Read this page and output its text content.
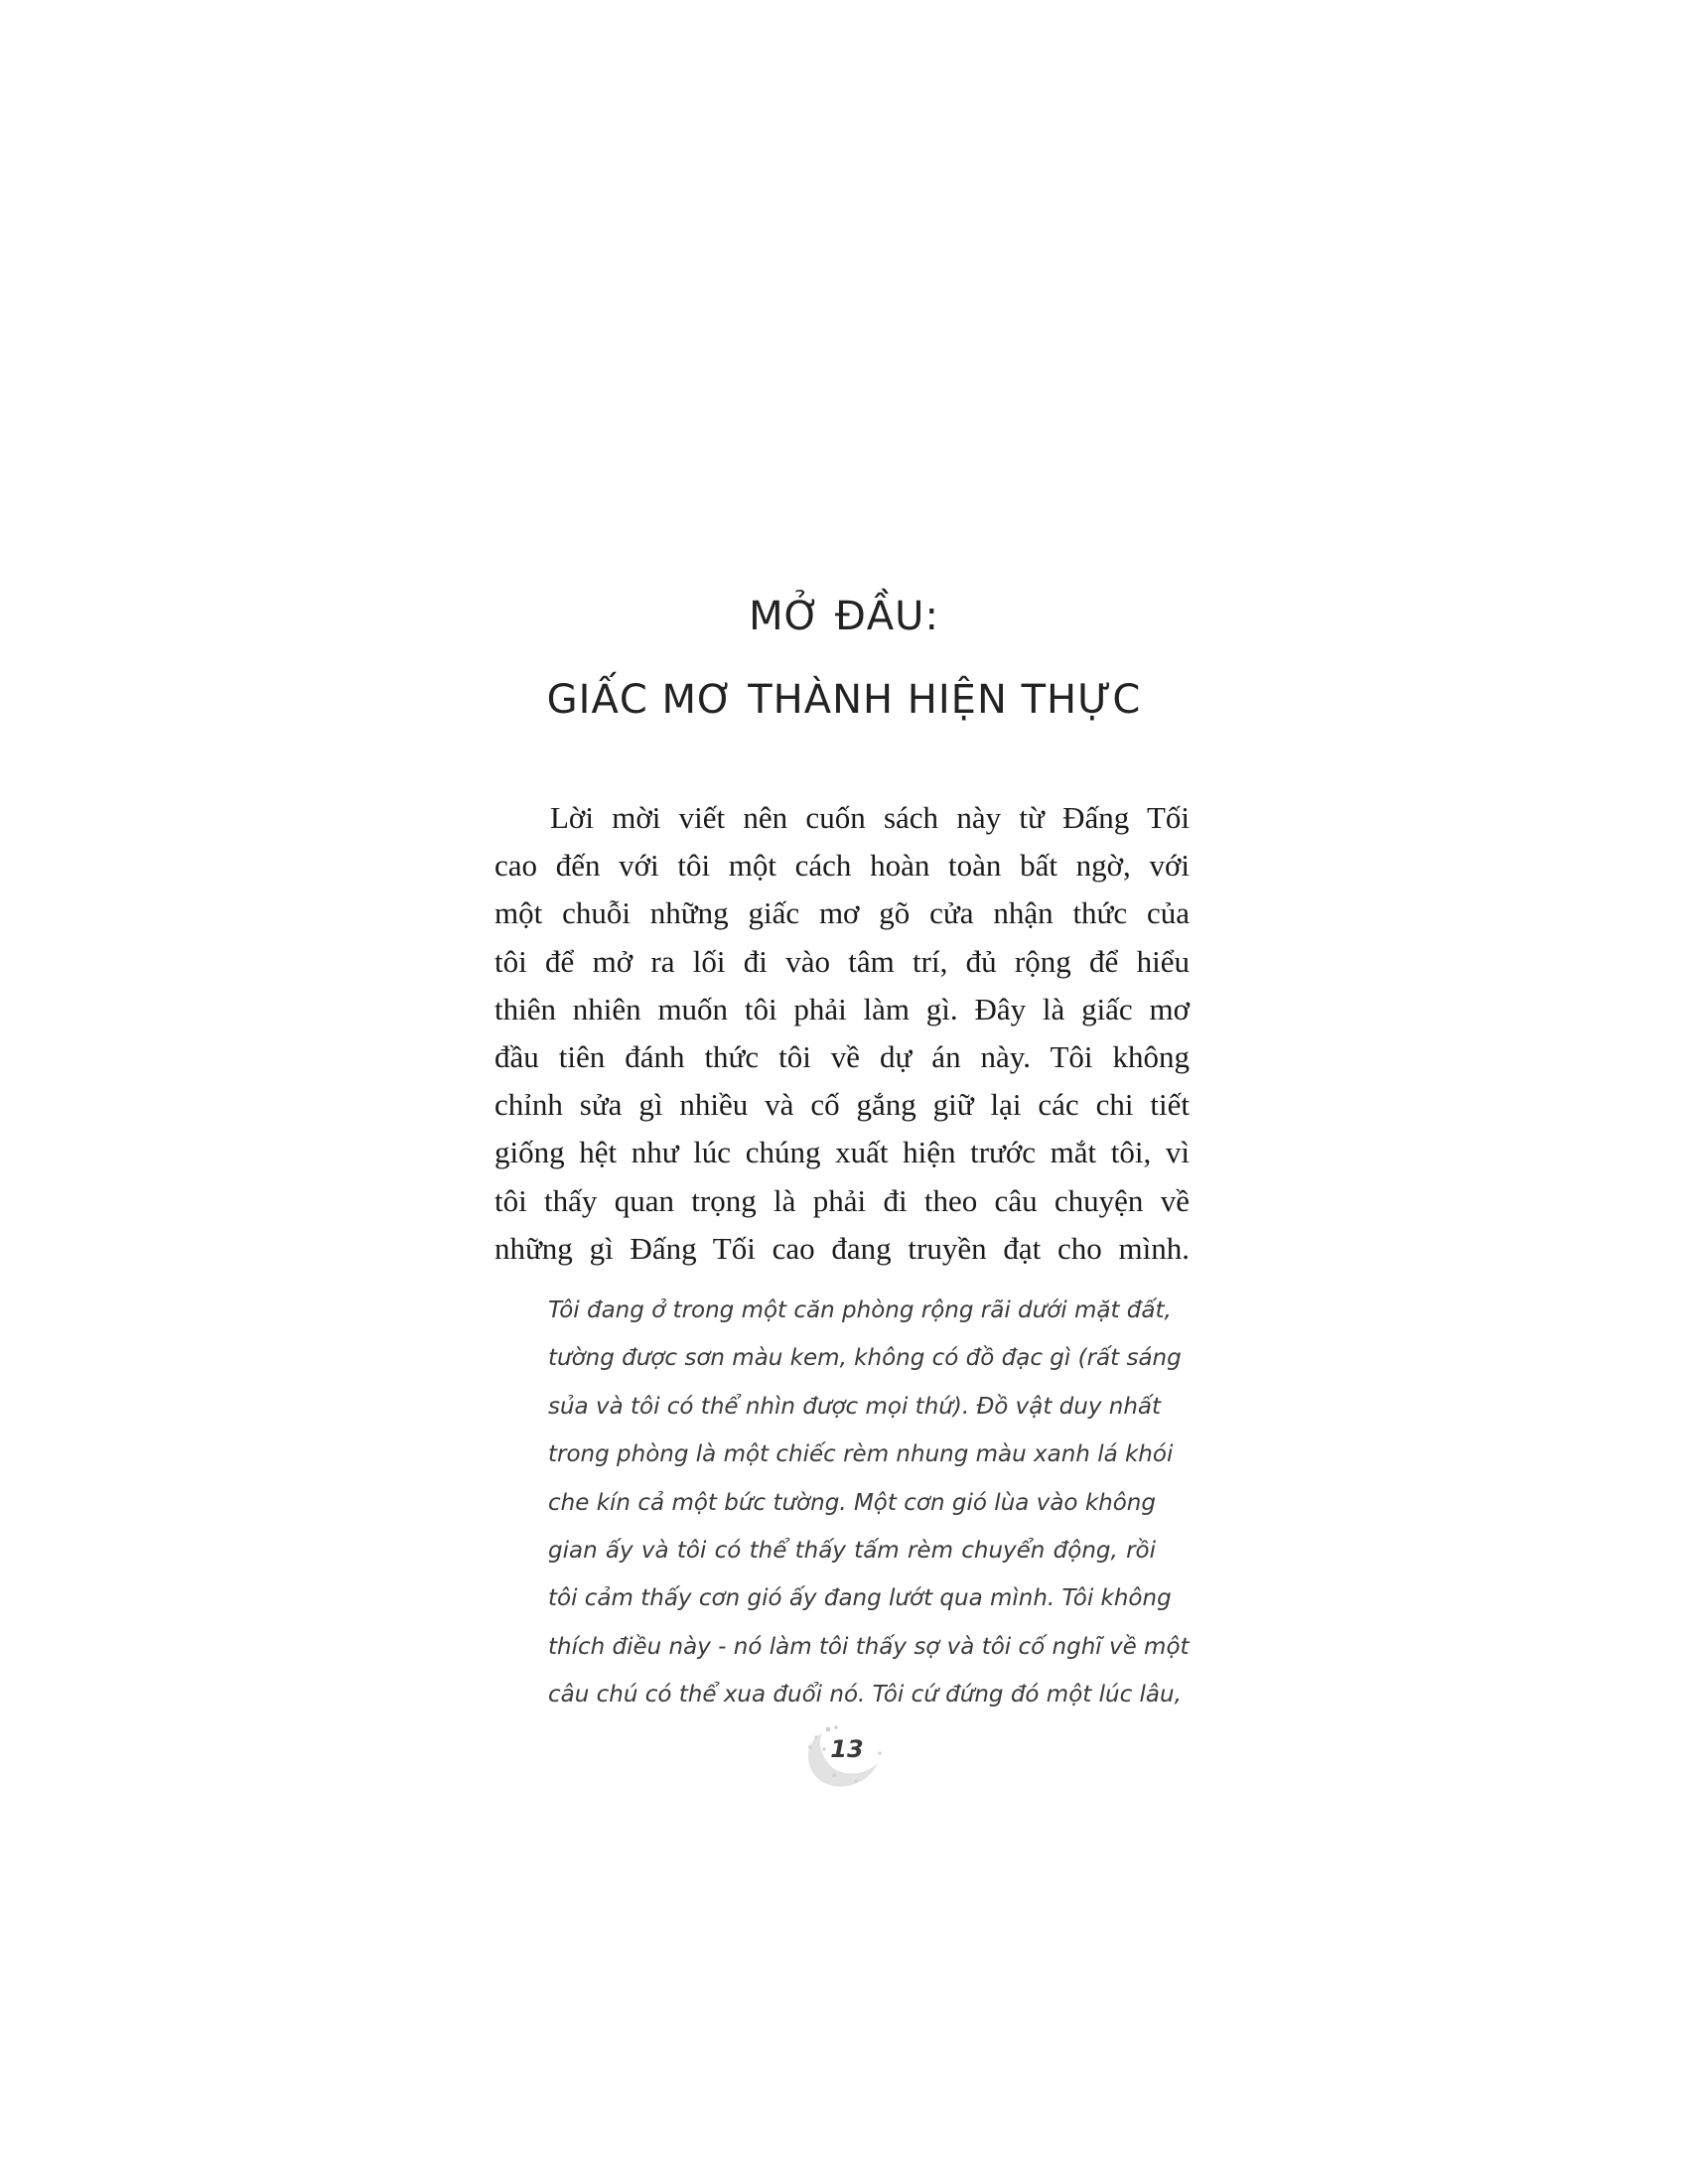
MỞ ĐẦU:
GIẤC MƠ THÀNH HIỆN THỰC
Lời mời viết nên cuốn sách này từ Đấng Tối
cao đến với tôi một cách hoàn toàn bất ngờ, với
một chuỗi những giấc mơ gõ cửa nhận thức của
tôi để mở ra lối đi vào tâm trí, đủ rộng để hiểu
thiên nhiên muốn tôi phải làm gì. Đây là giấc mơ
đầu tiên đánh thức tôi về dự án này. Tôi không
chỉnh sửa gì nhiều và cố gắng giữ lại các chi tiết
giống hệt như lúc chúng xuất hiện trước mắt tôi, vì
tôi thấy quan trọng là phải đi theo câu chuyện về
những gì Đấng Tối cao đang truyền đạt cho mình.
Tôi đang ở trong một căn phòng rộng rãi dưới mặt đất,
tường được sơn màu kem, không có đồ đạc gì (rất sáng
sủa và tôi có thể nhìn được mọi thứ). Đồ vật duy nhất
trong phòng là một chiếc rèm nhung màu xanh lá khói
che kín cả một bức tường. Một cơn gió lùa vào không
gian ấy và tôi có thể thấy tấm rèm chuyển động, rồi
tôi cảm thấy cơn gió ấy đang lướt qua mình. Tôi không
thích điều này - nó làm tôi thấy sợ và tôi cố nghĩ về một
câu chú có thể xua đuổi nó. Tôi cứ đứng đó một lúc lâu,
13
